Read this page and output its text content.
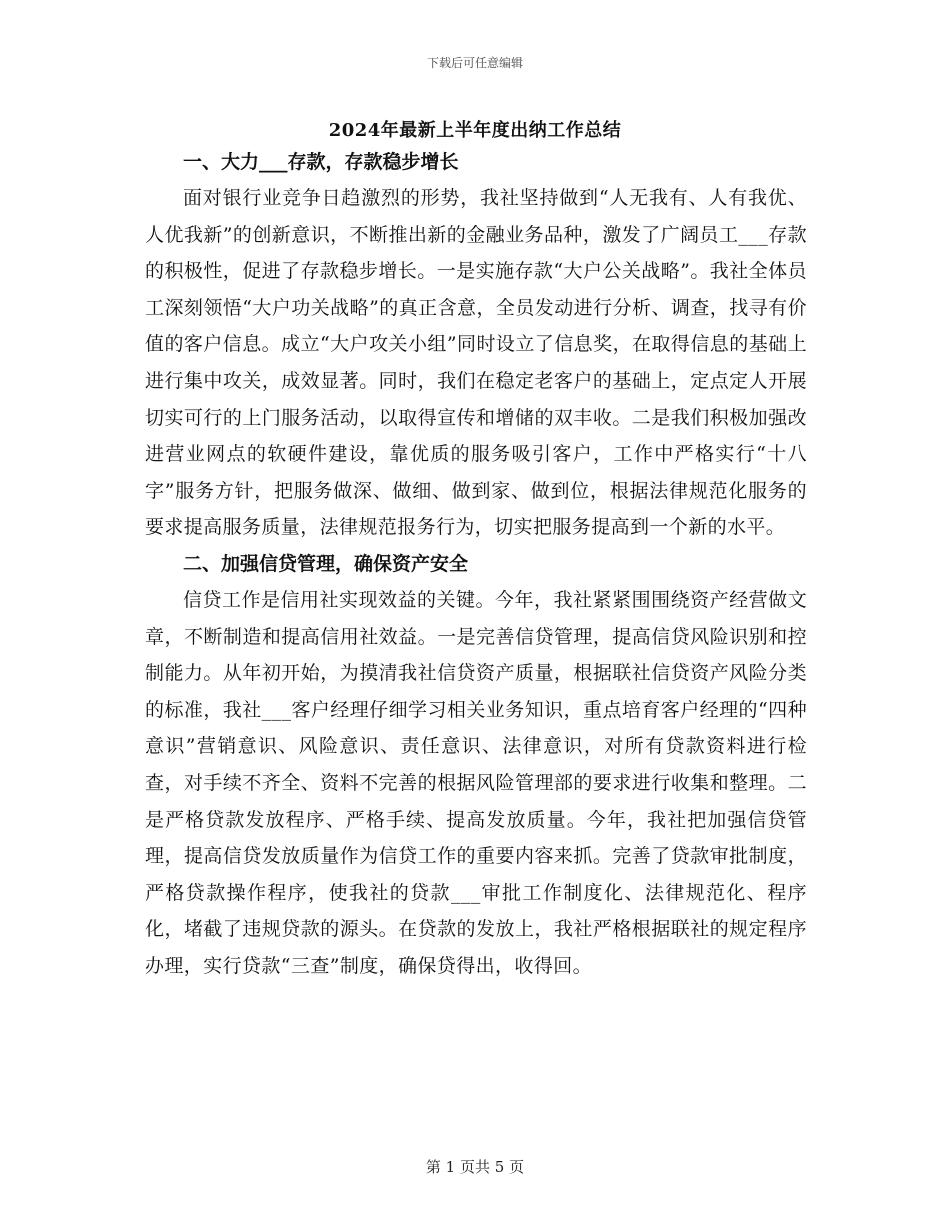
下载后可任意编辑
2024年最新上半年度出纳工作总结
一、大力___存款，存款稳步增长

面对银行业竞争日趋激烈的形势，我社坚持做到“人无我有、人有我优、人优我新”的创新意识，不断推出新的金融业务品种，激发了广阔员工___存款的积极性，促进了存款稳步增长。一是实施存款“大户公关战略”。我社全体员工深刻领悟“大户功关战略”的真正含意，全员发动进行分析、调查，找寻有价值的客户信息。成立“大户攻关小组”同时设立了信息奖，在取得信息的基础上进行集中攻关，成效显著。同时，我们在稳定老客户的基础上，定点定人开展切实可行的上门服务活动，以取得宣传和增储的双丰收。二是我们积极加强改进营业网点的软硬件建设，靠优质的服务吸引客户，工作中严格实行“十八字”服务方针，把服务做深、做细、做到家、做到位，根据法律规范化服务的要求提高服务质量，法律规范报务行为，切实把服务提高到一个新的水平。

二、加强信贷管理，确保资产安全

信贷工作是信用社实现效益的关键。今年，我社紧紧围围绕资产经营做文章，不断制造和提高信用社效益。一是完善信贷管理，提高信贷风险识别和控制能力。从年初开始，为摸清我社信贷资产质量，根据联社信贷资产风险分类的标准，我社___客户经理仔细学习相关业务知识，重点培育客户经理的“四种意识”营销意识、风险意识、责任意识、法律意识，对所有贷款资料进行检查，对手续不齐全、资料不完善的根据风险管理部的要求进行收集和整理。二是严格贷款发放程序、严格手续、提高发放质量。今年，我社把加强信贷管理，提高信贷发放质量作为信贷工作的重要内容来抓。完善了贷款审批制度，严格贷款操作程序，使我社的贷款___审批工作制度化、法律规范化、程序化，堵截了违规贷款的源头。在贷款的发放上，我社严格根据联社的规定程序办理，实行贷款“三查”制度，确保贷得出，收得回。

第 1 页共 5 页
